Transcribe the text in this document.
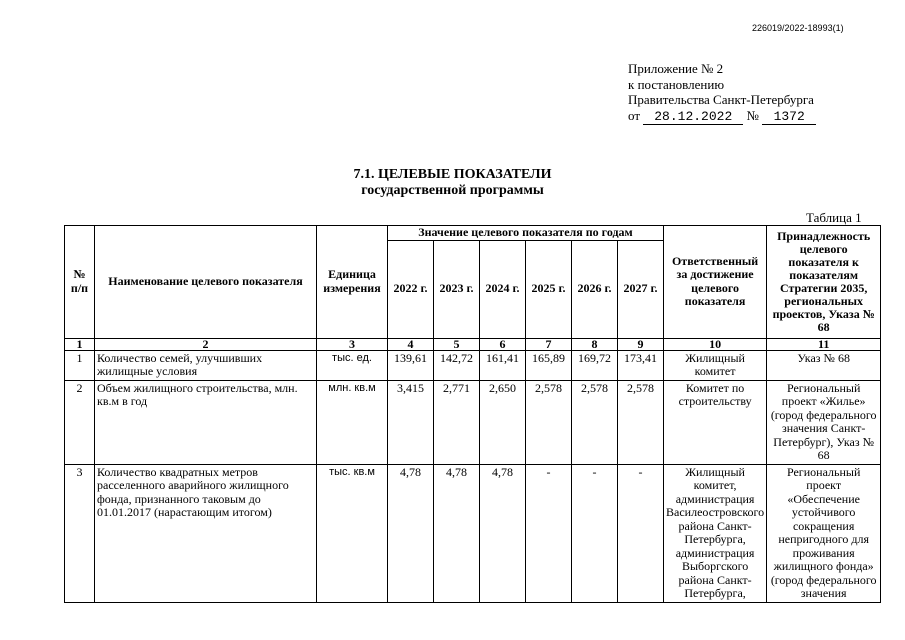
226019/2022-18993(1)
Приложение № 2
к постановлению
Правительства Санкт-Петербурга
от 28.12.2022 № 1372
7.1. ЦЕЛЕВЫЕ ПОКАЗАТЕЛИ
государственной программы
Таблица 1
№ п/п	Наименование целевого показателя	Единица измерения	Значение целевого показателя по годам						Ответственный за достижение целевого показателя	Принадлежность целевого показателя к показателям Стратегии 2035, региональных проектов, Указа № 68
			2022 г.	2023 г.	2024 г.	2025 г.	2026 г.	2027 г.		
1	2	3	4	5	6	7	8	9	10	11
1	Количество семей, улучшивших жилищные условия	тыс. ед.	139,61	142,72	161,41	165,89	169,72	173,41	Жилищный комитет	Указ № 68
2	Объем жилищного строительства, млн. кв.м в год	млн. кв.м	3,415	2,771	2,650	2,578	2,578	2,578	Комитет по строительству	Региональный проект «Жилье» (город федерального значения Санкт-Петербург), Указ № 68
3	Количество квадратных метров расселенного аварийного жилищного фонда, признанного таковым до 01.01.2017 (нарастающим итогом)	тыс. кв.м	4,78	4,78	4,78	-	-	-	Жилищный комитет, администрация Василеостровского района Санкт-Петербурга, администрация Выборгского района Санкт-Петербурга,	Региональный проект «Обеспечение устойчивого сокращения непригодного для проживания жилищного фонда» (город федерального значения
